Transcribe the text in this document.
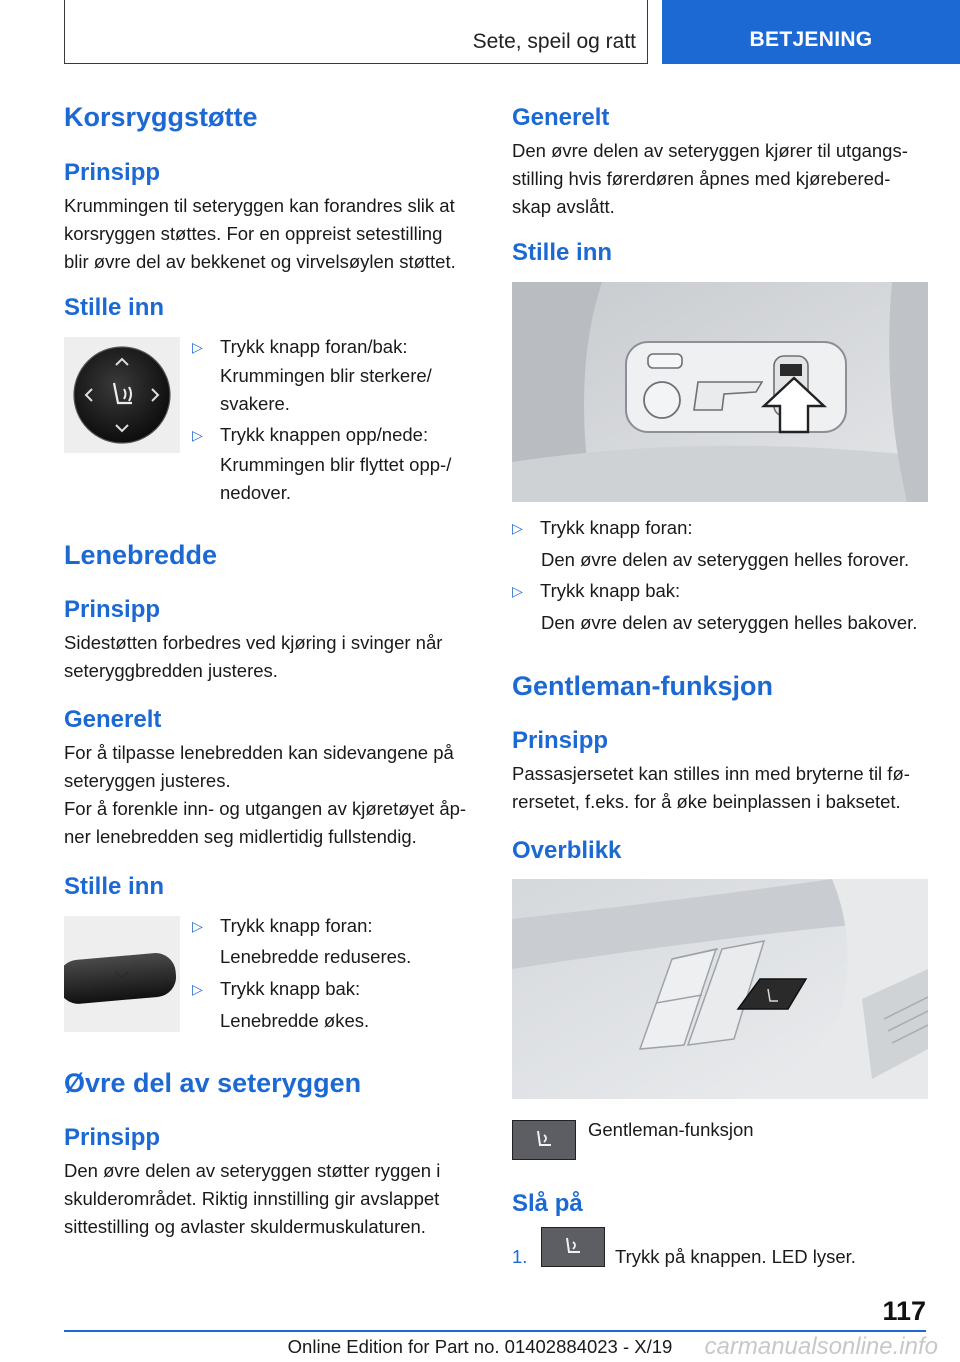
Sete, speil og ratt	BETJENING
Korsryggstøtte
Prinsipp

Krummingen til seteryggen kan forandres slik at
korsryggen støttes. For en oppreist setestilling
blir øvre del av bekkenet og virvelsøylen støttet.

Stille inn
▷ Trykk knapp foran/bak:
Krummingen blir sterkere/
svakere.
▷ Trykk knappen opp/nede:
Krummingen blir flyttet opp-/
nedover.
Lenebredde
Prinsipp

Sidestøtten forbedres ved kjøring i svinger når
seteryggbredden justeres.

Generelt

For å tilpasse lenebredden kan sidevangene på
seteryggen justeres.

For å forenkle inn- og utgangen av kjøretøyet åp-
ner lenebredden seg midlertidig fullstendig.

Stille inn
▷ Trykk knapp foran:
Lenebredde reduseres.
▷ Trykk knapp bak:
Lenebredde økes.
Øvre del av seteryggen
Prinsipp

Den øvre delen av seteryggen støtter ryggen i
skulderområdet. Riktig innstilling gir avslappet
sittestilling og avlaster skuldermuskulaturen.

Generelt

Den øvre delen av seteryggen kjører til utgangs-
stilling hvis førerdøren åpnes med kjørebered-
skap avslått.

Stille inn
▷ Trykk knapp foran:
Den øvre delen av seteryggen helles forover.
▷ Trykk knapp bak:
Den øvre delen av seteryggen helles bakover.
Gentleman-funksjon
Prinsipp

Passasjersetet kan stilles inn med bryterne til fø-
rersetet, f.eks. for å øke beinplassen i baksetet.

Overblikk
Gentleman-funksjon
Slå på
1.	Trykk på knappen. LED lyser.
117
Online Edition for Part no. 01402884023 - X/19	carmanualsonline.info
